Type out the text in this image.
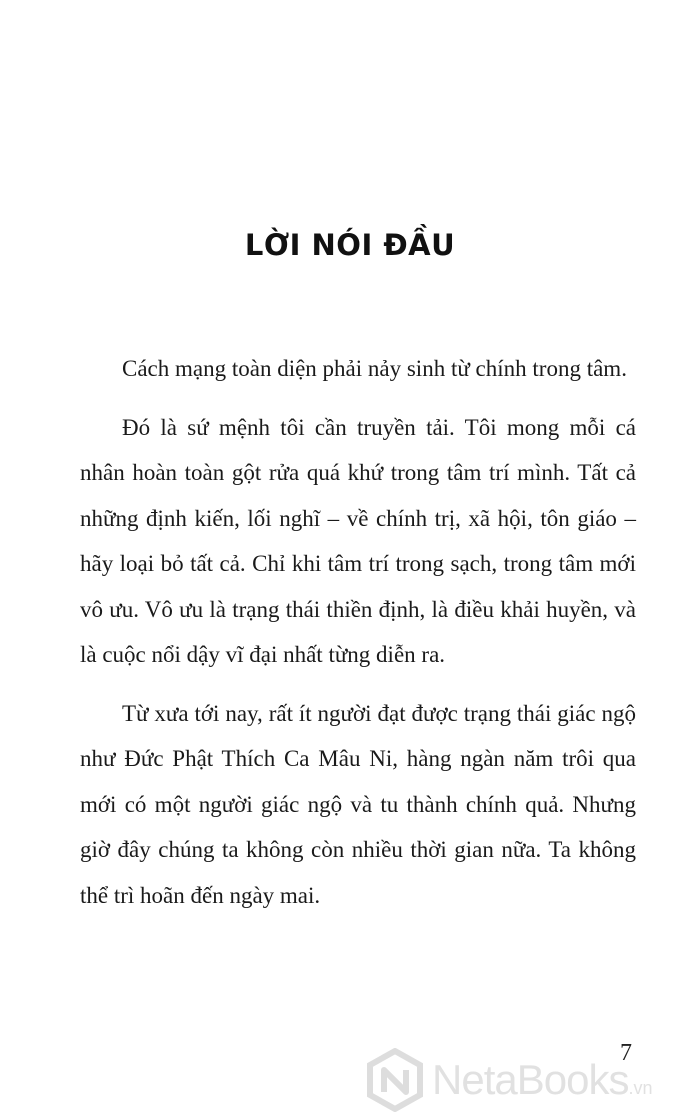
LỜI NÓI ĐẦU

Cách mạng toàn diện phải nảy sinh từ chính trong tâm.

Đó là sứ mệnh tôi cần truyền tải. Tôi mong mỗi cá nhân hoàn toàn gột rửa quá khứ trong tâm trí mình. Tất cả những định kiến, lối nghĩ – về chính trị, xã hội, tôn giáo – hãy loại bỏ tất cả. Chỉ khi tâm trí trong sạch, trong tâm mới vô ưu. Vô ưu là trạng thái thiền định, là điều khải huyền, và là cuộc nổi dậy vĩ đại nhất từng diễn ra.

Từ xưa tới nay, rất ít người đạt được trạng thái giác ngộ như Đức Phật Thích Ca Mâu Ni, hàng ngàn năm trôi qua mới có một người giác ngộ và tu thành chính quả. Nhưng giờ đây chúng ta không còn nhiều thời gian nữa. Ta không thể trì hoãn đến ngày mai.

7
NetaBooks.vn
